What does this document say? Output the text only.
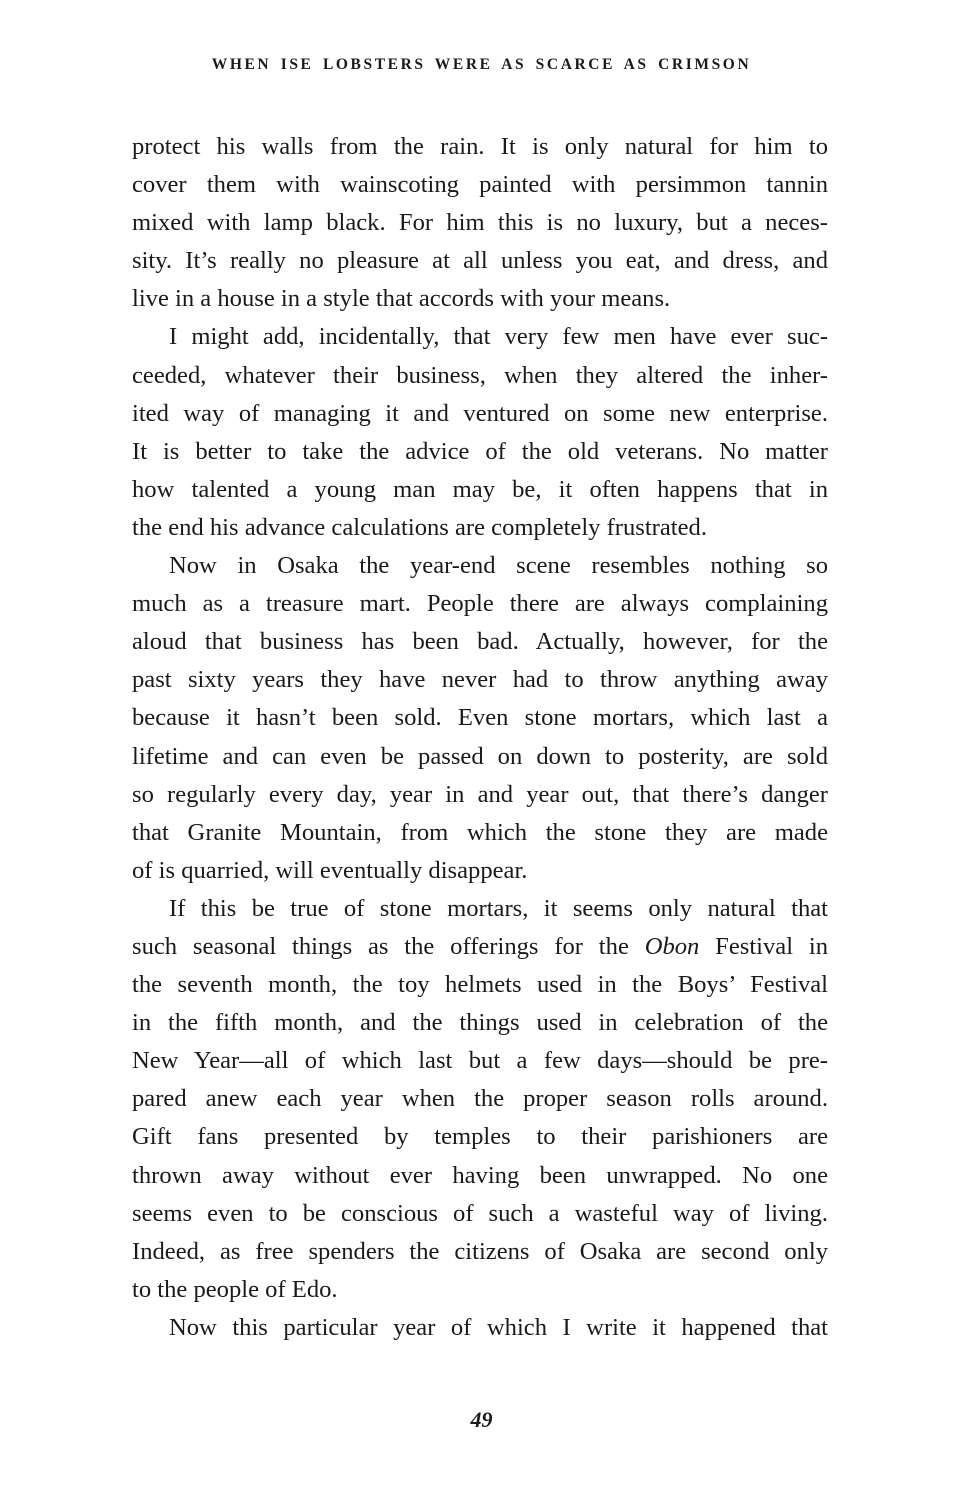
WHEN ISE LOBSTERS WERE AS SCARCE AS CRIMSON
protect his walls from the rain. It is only natural for him to
cover them with wainscoting painted with persimmon tannin
mixed with lamp black. For him this is no luxury, but a neces-
sity. It’s really no pleasure at all unless you eat, and dress, and
live in a house in a style that accords with your means.
I might add, incidentally, that very few men have ever suc-
ceeded, whatever their business, when they altered the inher-
ited way of managing it and ventured on some new enterprise.
It is better to take the advice of the old veterans. No matter
how talented a young man may be, it often happens that in
the end his advance calculations are completely frustrated.
Now in Osaka the year-end scene resembles nothing so
much as a treasure mart. People there are always complaining
aloud that business has been bad. Actually, however, for the
past sixty years they have never had to throw anything away
because it hasn’t been sold. Even stone mortars, which last a
lifetime and can even be passed on down to posterity, are sold
so regularly every day, year in and year out, that there’s danger
that Granite Mountain, from which the stone they are made
of is quarried, will eventually disappear.
If this be true of stone mortars, it seems only natural that
such seasonal things as the offerings for the Obon Festival in
the seventh month, the toy helmets used in the Boys’ Festival
in the fifth month, and the things used in celebration of the
New Year—all of which last but a few days—should be pre-
pared anew each year when the proper season rolls around.
Gift fans presented by temples to their parishioners are
thrown away without ever having been unwrapped. No one
seems even to be conscious of such a wasteful way of living.
Indeed, as free spenders the citizens of Osaka are second only
to the people of Edo.
Now this particular year of which I write it happened that
49
